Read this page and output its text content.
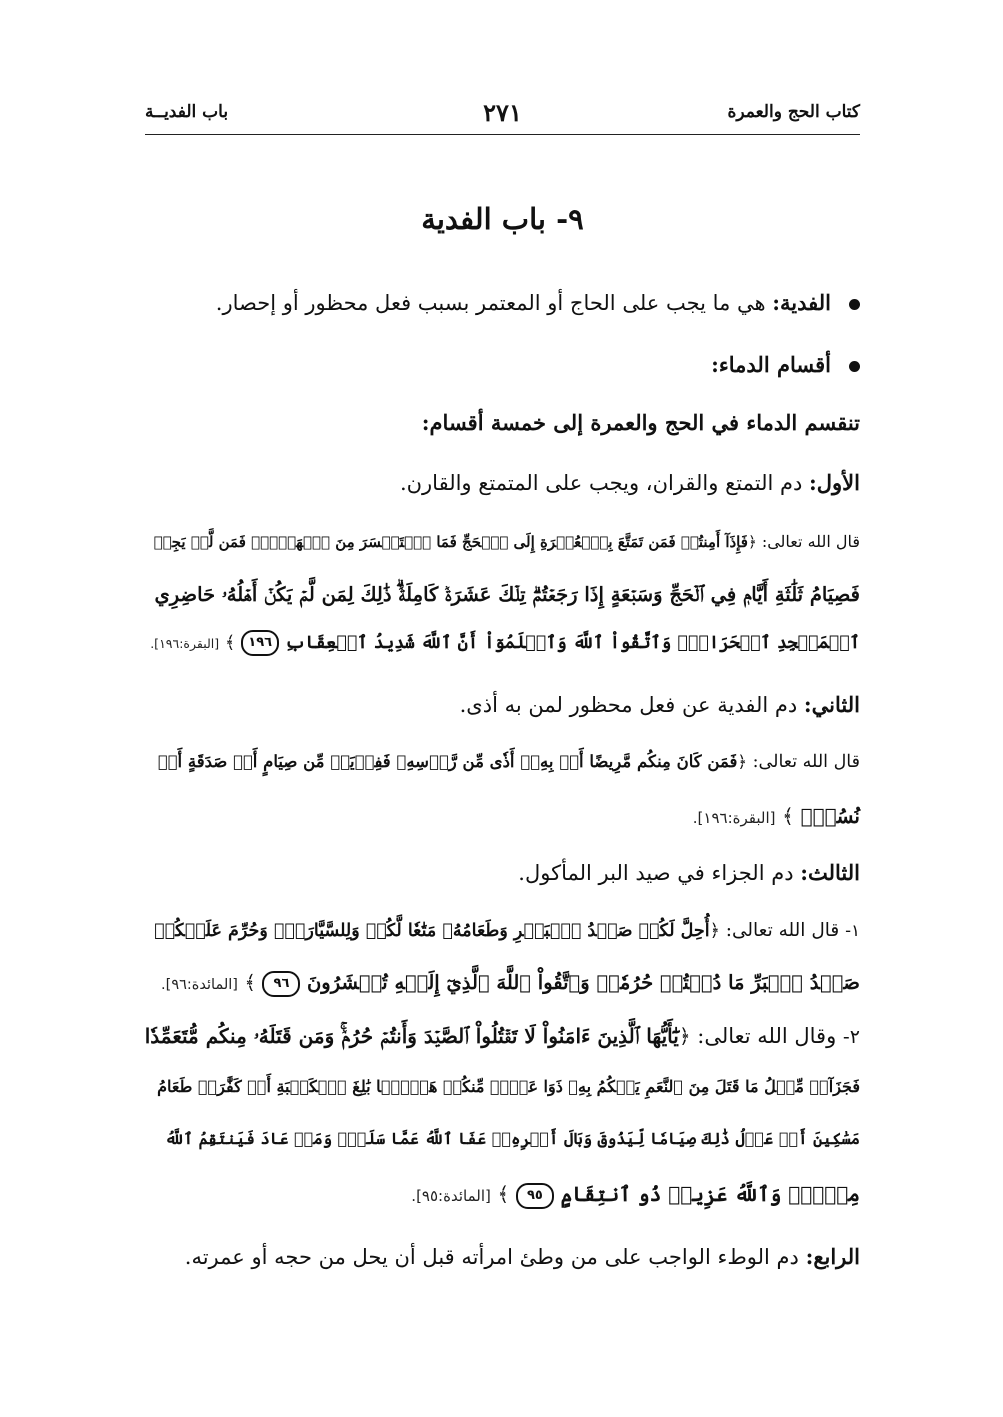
كتاب الحج والعمرة
٢٧١
باب الفديــة
٩- باب الفدية
الفدية: هي ما يجب على الحاج أو المعتمر بسبب فعل محظور أو إحصار.
أقسام الدماء:
تنقسم الدماء في الحج والعمرة إلى خمسة أقسام:
الأول: دم التمتع والقران، ويجب على المتمتع والقارن.
قال الله تعالى: ﴿فَإِذَآ أَمِنتُمۡ فَمَن تَمَتَّعَ بِٱلۡعُمۡرَةِ إِلَى ٱلۡحَجِّ فَمَا ٱسۡتَيۡسَرَ مِنَ ٱلۡهَدۡيِۚ فَمَن لَّمۡ يَجِدۡ
فَصِيَامُ ثَلَٰثَةِ أَيَّامٖ فِي ٱلۡحَجِّ وَسَبۡعَةٍ إِذَا رَجَعۡتُمۡۗ تِلۡكَ عَشَرَةٞ كَامِلَةٞۗ ذَٰلِكَ لِمَن لَّمۡ يَكُنۡ أَهۡلُهُۥ حَاضِرِي
ٱلۡمَسۡجِدِ ٱلۡحَرَامِۚ وَٱتَّقُواْ ٱللَّهَ وَٱعۡلَمُوٓاْ أَنَّ ٱللَّهَ شَدِيدُ ٱلۡعِقَابِ ١٩٦ ﴾ [البقرة:١٩٦].
الثاني: دم الفدية عن فعل محظور لمن به أذى.
قال الله تعالى: ﴿فَمَن كَانَ مِنكُم مَّرِيضًا أَوۡ بِهِۦٓ أَذٗى مِّن رَّأۡسِهِۦ فَفِدۡيَةٞ مِّن صِيَامٍ أَوۡ صَدَقَةٍ أَوۡ
نُسُكٖۚ ﴾ [البقرة:١٩٦].
الثالث: دم الجزاء في صيد البر المأكول.
١- قال الله تعالى: ﴿أُحِلَّ لَكُمۡ صَيۡدُ ٱلۡبَحۡرِ وَطَعَامُهُۥ مَتَٰعٗا لَّكُمۡ وَلِلسَّيَّارَةِۖ وَحُرِّمَ عَلَيۡكُمۡ
صَيۡدُ ٱلۡبَرِّ مَا دُمۡتُمۡ حُرُمٗاۗ وَٱتَّقُواْ ٱللَّهَ ٱلَّذِيٓ إِلَيۡهِ تُحۡشَرُونَ ٩٦ ﴾ [المائدة:٩٦].
٢- وقال الله تعالى: ﴿يَٰٓأَيُّهَا ٱلَّذِينَ ءَامَنُواْ لَا تَقۡتُلُواْ ٱلصَّيۡدَ وَأَنتُمۡ حُرُمٞۚ وَمَن قَتَلَهُۥ مِنكُم مُّتَعَمِّدٗا
فَجَزَآءٞ مِّثۡلُ مَا قَتَلَ مِنَ ٱلنَّعَمِ يَحۡكُمُ بِهِۦ ذَوَا عَدۡلٖ مِّنكُمۡ هَدۡيَۢا بَٰلِغَ ٱلۡكَعۡبَةِ أَوۡ كَفَّٰرَةٞ طَعَامُ
مَسَٰكِينَ أَوۡ عَدۡلُ ذَٰلِكَ صِيَامٗا لِّيَذُوقَ وَبَالَ أَمۡرِهِۦۗ عَفَا ٱللَّهُ عَمَّا سَلَفَۚ وَمَنۡ عَادَ فَيَنتَقِمُ ٱللَّهُ
مِنۡهُۚ وَٱللَّهُ عَزِيزٞ ذُو ٱنتِقَامٍ ٩٥ ﴾ [المائدة:٩٥].
الرابع: دم الوطء الواجب على من وطئ امرأته قبل أن يحل من حجه أو عمرته.
